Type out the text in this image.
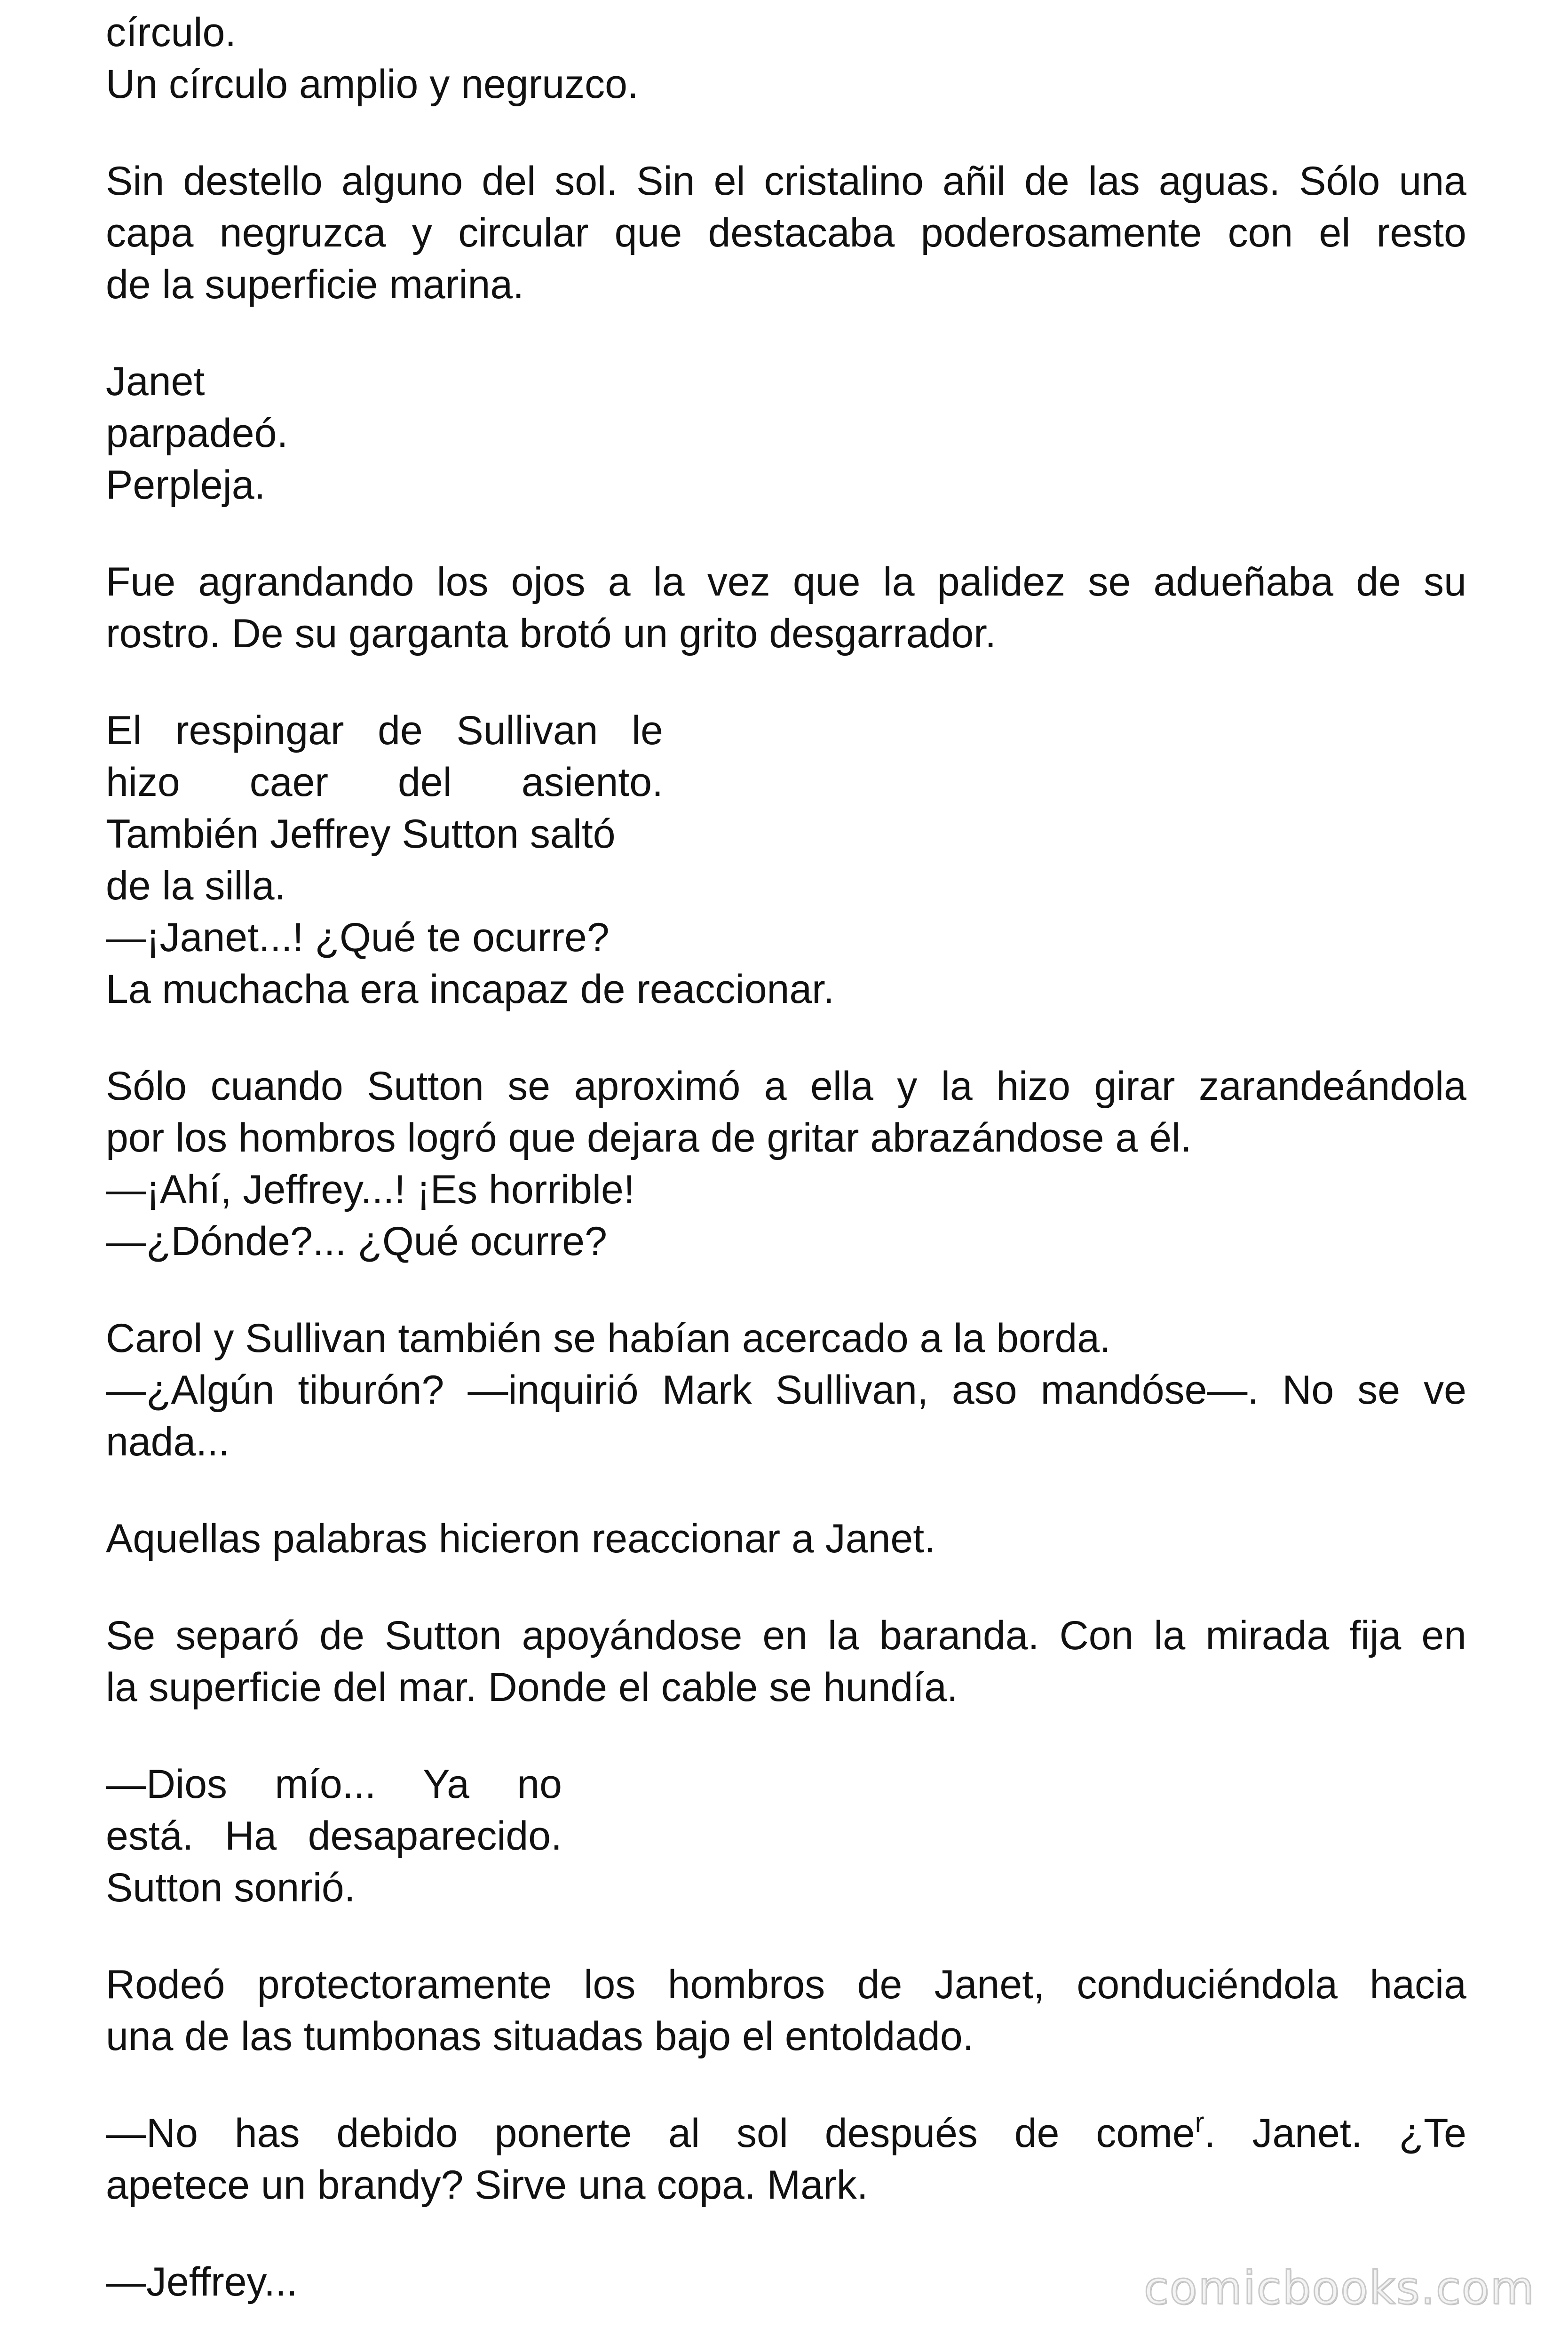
círculo.
Un círculo amplio y negruzco.

Sin destello alguno del sol. Sin el cristalino añil de las aguas. Sólo una
capa negruzca y circular que destacaba poderosamente con el resto
de la superficie marina.

Janet
parpadeó.
Perpleja.

Fue agrandando los ojos a la vez que la palidez se adueñaba de su
rostro. De su garganta brotó un grito desgarrador.

El respingar de Sullivan le
hizo caer del asiento.
También Jeffrey Sutton saltó
de la silla.
—¡Janet...! ¿Qué te ocurre?
La muchacha era incapaz de reaccionar.

Sólo cuando Sutton se aproximó a ella y la hizo girar zarandeándola
por los hombros logró que dejara de gritar abrazándose a él.
—¡Ahí, Jeffrey...! ¡Es horrible!
—¿Dónde?... ¿Qué ocurre?

Carol y Sullivan también se habían acercado a la borda.
—¿Algún tiburón? —inquirió Mark Sullivan, aso mandóse—. No se ve
nada...

Aquellas palabras hicieron reaccionar a Janet.

Se separó de Sutton apoyándose en la baranda. Con la mirada fija en
la superficie del mar. Donde el cable se hundía.

—Dios mío... Ya no
está. Ha desaparecido.
Sutton sonrió.

Rodeó protectoramente los hombros de Janet, conduciéndola hacia
una de las tumbonas situadas bajo el entoldado.

—No has debido ponerte al sol después de come$^r$. Janet. ¿Te
apetece un brandy? Sirve una copa. Mark.

—Jeffrey...	comicbooks.com
